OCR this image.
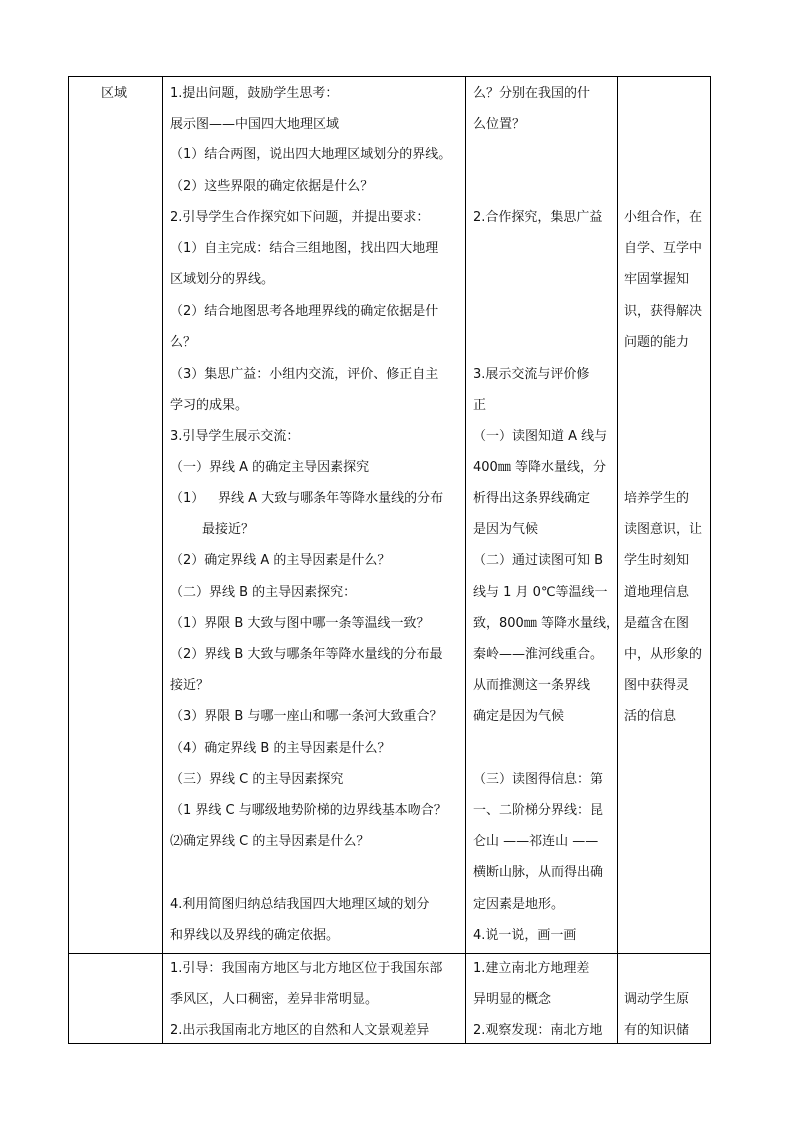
区域	1.提出问题，鼓励学生思考：
展示图——中国四大地理区域
（1）结合两图，说出四大地理区域划分的界线。
（2）这些界限的确定依据是什么？
2.引导学生合作探究如下问题，并提出要求：
（1）自主完成：结合三组地图，找出四大地理
区域划分的界线。
（2）结合地图思考各地理界线的确定依据是什
么？
（3）集思广益：小组内交流，评价、修正自主
学习的成果。
3.引导学生展示交流：
（一）界线 A 的确定主导因素探究
（1） 界线 A 大致与哪条年等降水量线的分布
最接近？
（2）确定界线 A 的主导因素是什么？
（二）界线 B 的主导因素探究：
（1）界限 B 大致与图中哪一条等温线一致？
（2）界线 B 大致与哪条年等降水量线的分布最
接近？
（3）界限 B 与哪一座山和哪一条河大致重合？
（4）确定界线 B 的主导因素是什么？
（三）界线 C 的主导因素探究
（1 界线 C 与哪级地势阶梯的边界线基本吻合？
⑵确定界线 C 的主导因素是什么？
4.利用简图归纳总结我国四大地理区域的划分
和界线以及界线的确定依据。
么？分别在我国的什
么位置？
2.合作探究，集思广益
3.展示交流与评价修
正
（一）读图知道 A 线与
400㎜ 等降水量线，分
析得出这条界线确定
是因为气候
（二）通过读图可知 B
线与 1 月 0℃等温线一
致，800㎜ 等降水量线，
秦岭——淮河线重合。
从而推测这一条界线
确定是因为气候
（三）读图得信息：第
一、二阶梯分界线：昆
仑山 ——祁连山 ——
横断山脉，从而得出确
定因素是地形。
4.说一说，画一画
小组合作，在
自学、互学中
牢固掌握知
识，获得解决
问题的能力
培养学生的
读图意识，让
学生时刻知
道地理信息
是蕴含在图
中，从形象的
图中获得灵
活的信息
1.引导：我国南方地区与北方地区位于我国东部
季风区，人口稠密，差异非常明显。
2.出示我国南北方地区的自然和人文景观差异
1.建立南北方地理差
异明显的概念
2.观察发现：南北方地
调动学生原
有的知识储
